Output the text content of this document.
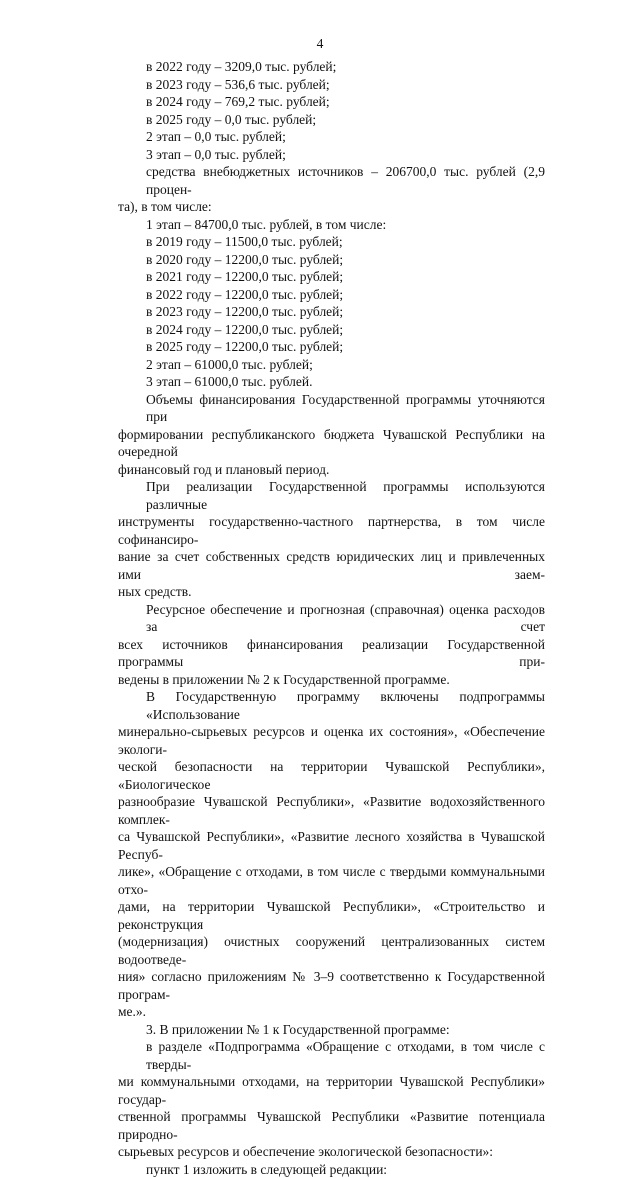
4
в 2022 году – 3209,0 тыс. рублей;
в 2023 году – 536,6 тыс. рублей;
в 2024 году – 769,2 тыс. рублей;
в 2025 году – 0,0 тыс. рублей;
2 этап – 0,0 тыс. рублей;
3 этап – 0,0 тыс. рублей;
средства внебюджетных источников – 206700,0 тыс. рублей (2,9 процен-
та), в том числе:
1 этап – 84700,0 тыс. рублей, в том числе:
в 2019 году – 11500,0 тыс. рублей;
в 2020 году – 12200,0 тыс. рублей;
в 2021 году – 12200,0 тыс. рублей;
в 2022 году – 12200,0 тыс. рублей;
в 2023 году – 12200,0 тыс. рублей;
в 2024 году – 12200,0 тыс. рублей;
в 2025 году – 12200,0 тыс. рублей;
2 этап – 61000,0 тыс. рублей;
3 этап – 61000,0 тыс. рублей.
Объемы финансирования Государственной программы уточняются при
формировании республиканского бюджета Чувашской Республики на очередной
финансовый год и плановый период.
При реализации Государственной программы используются различные
инструменты государственно-частного партнерства, в том числе софинансиро-
вание за счет собственных средств юридических лиц и привлеченных ими заем-
ных средств.
Ресурсное обеспечение и прогнозная (справочная) оценка расходов за счет
всех источников финансирования реализации Государственной программы при-
ведены в приложении № 2 к Государственной программе.
В Государственную программу включены подпрограммы «Использование
минерально-сырьевых ресурсов и оценка их состояния», «Обеспечение экологи-
ческой безопасности на территории Чувашской Республики», «Биологическое
разнообразие Чувашской Республики», «Развитие водохозяйственного комплек-
са Чувашской Республики», «Развитие лесного хозяйства в Чувашской Респуб-
лике», «Обращение с отходами, в том числе с твердыми коммунальными отхо-
дами, на территории Чувашской Республики», «Строительство и реконструкция
(модернизация) очистных сооружений централизованных систем водоотведе-
ния» согласно приложениям № 3–9 соответственно к Государственной програм-
ме.».
3. В приложении № 1 к Государственной программе:
в разделе «Подпрограмма «Обращение с отходами, в том числе с тверды-
ми коммунальными отходами, на территории Чувашской Республики» государ-
ственной программы Чувашской Республики «Развитие потенциала природно-
сырьевых ресурсов и обеспечение экологической безопасности»:
пункт 1 изложить в следующей редакции:
